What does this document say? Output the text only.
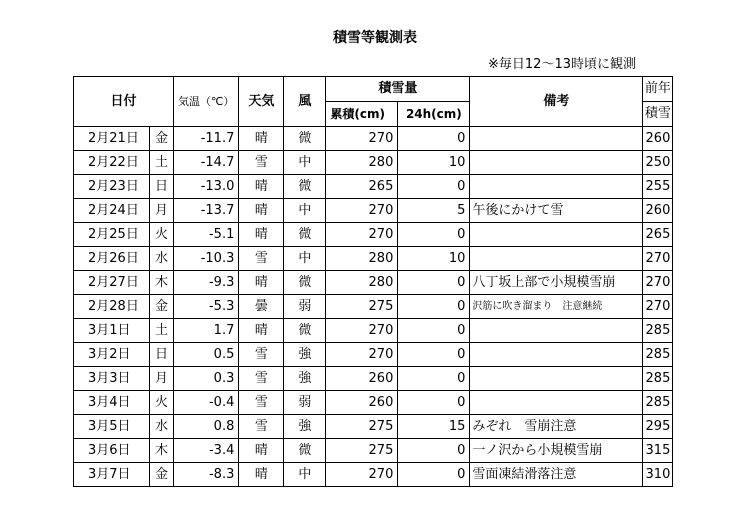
積雪等観測表
※毎日12〜13時頃に観測
日付		気温（℃）	天気	風	積雪量		備考	前年
					累積(cm)	24h(cm)		積雪
2月21日	金	-11.7	晴	微	270	0		260
2月22日	土	-14.7	雪	中	280	10		250
2月23日	日	-13.0	晴	微	265	0		255
2月24日	月	-13.7	晴	中	270	5	午後にかけて雪	260
2月25日	火	-5.1	晴	微	270	0		265
2月26日	水	-10.3	雪	中	280	10		270
2月27日	木	-9.3	晴	微	280	0	八丁坂上部で小規模雪崩	270
2月28日	金	-5.3	曇	弱	275	0	沢筋に吹き溜まり　注意継続	270
3月1日	土	1.7	晴	微	270	0		285
3月2日	日	0.5	雪	強	270	0		285
3月3日	月	0.3	雪	強	260	0		285
3月4日	火	-0.4	雪	弱	260	0		285
3月5日	水	0.8	雪	強	275	15	みぞれ　雪崩注意	295
3月6日	木	-3.4	晴	微	275	0	一ノ沢から小規模雪崩	315
3月7日	金	-8.3	晴	中	270	0	雪面凍結滑落注意	310
